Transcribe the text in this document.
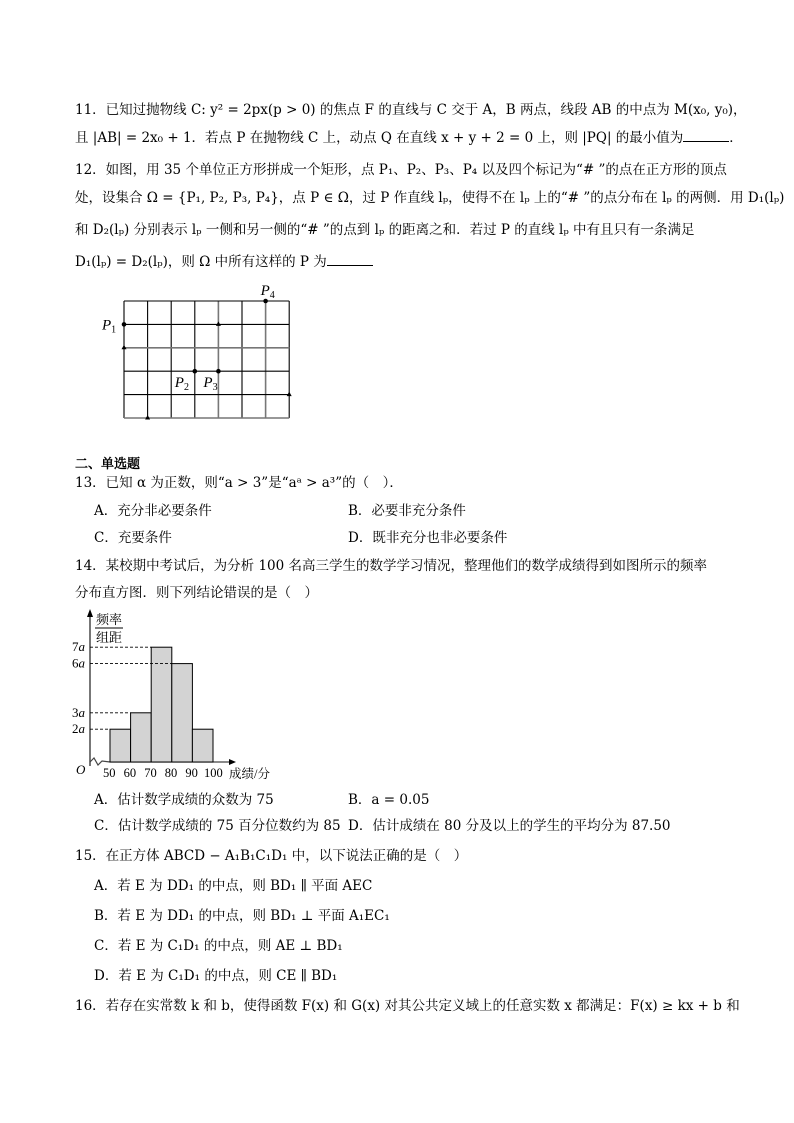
11．已知过抛物线 C: y² = 2px(p > 0) 的焦点 F 的直线与 C 交于 A，B 两点，线段 AB 的中点为 M(x₀, y₀)，
且 |AB| = 2x₀ + 1．若点 P 在抛物线 C 上，动点 Q 在直线 x + y + 2 = 0 上，则 |PQ| 的最小值为	．
12．如图，用 35 个单位正方形拼成一个矩形，点 P₁、P₂、P₃、P₄ 以及四个标记为“# ”的点在正方形的顶点
处，设集合 Ω = {P₁, P₂, P₃, P₄}，点 P ∈ Ω，过 P 作直线 lₚ，使得不在 lₚ 上的“# ”的点分布在 lₚ 的两侧．用 D₁(lₚ)
和 D₂(lₚ) 分别表示 lₚ 一侧和另一侧的“# ”的点到 lₚ 的距离之和．若过 P 的直线 lₚ 中有且只有一条满足
D₁(lₚ) = D₂(lₚ)，则 Ω 中所有这样的 P 为
$P_1$
$P_2$ $P_3$
$P_4$
二、单选题
13．已知 α 为正数，则“a > 3”是“aᵃ > a³”的（　）．
A．充分非必要条件	B．必要非充分条件
C．充要条件	D．既非充分也非必要条件
14．某校期中考试后，为分析 100 名高三学生的数学学习情况，整理他们的数学成绩得到如图所示的频率
分布直方图．则下列结论错误的是（　）
频率
组距
2a
3a
6a
7a
O 50 60 70 80 90 100 成绩/分
A．估计数学成绩的众数为 75	B．a = 0.05
C．估计数学成绩的 75 百分位数约为 85 D．估计成绩在 80 分及以上的学生的平均分为 87.50
15．在正方体 ABCD − A₁B₁C₁D₁ 中，以下说法正确的是（　）
A．若 E 为 DD₁ 的中点，则 BD₁ ∥ 平面 AEC
B．若 E 为 DD₁ 的中点，则 BD₁ ⊥ 平面 A₁EC₁
C．若 E 为 C₁D₁ 的中点，则 AE ⊥ BD₁
D．若 E 为 C₁D₁ 的中点，则 CE ∥ BD₁
16．若存在实常数 k 和 b，使得函数 F(x) 和 G(x) 对其公共定义域上的任意实数 x 都满足：F(x) ≥ kx + b 和
